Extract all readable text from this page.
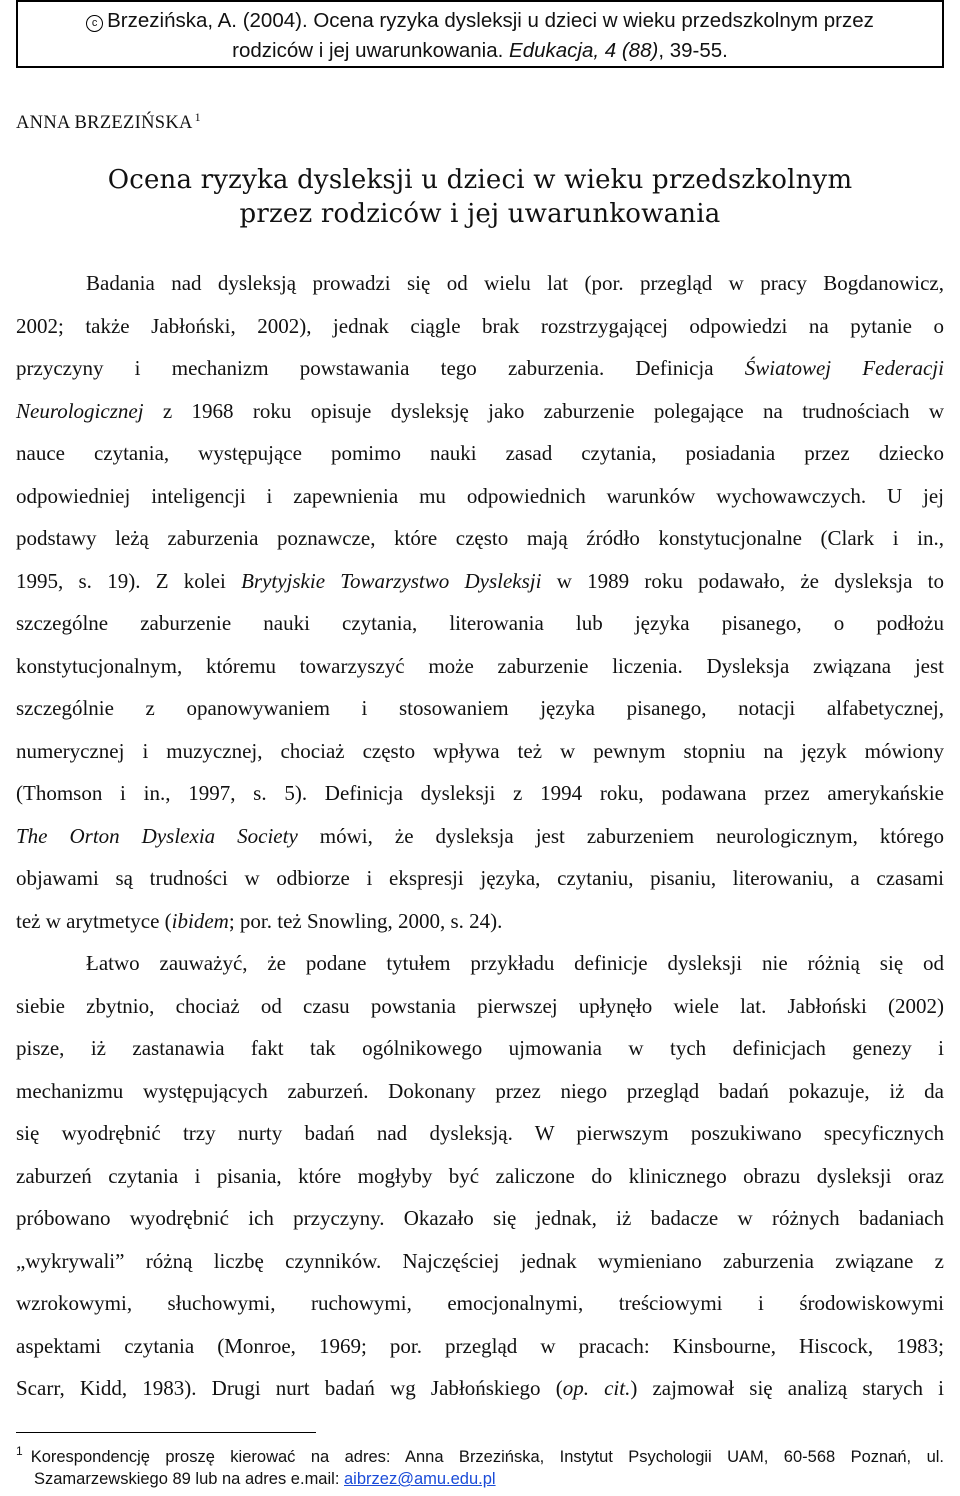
c Brzezińska, A. (2004). Ocena ryzyka dysleksji u dzieci w wieku przedszkolnym przez
rodziców i jej uwarunkowania. Edukacja, 4 (88), 39-55.
ANNA BRZEZIŃSKA $^1$
Ocena ryzyka dysleksji u dzieci w wieku przedszkolnym
przez rodziców i jej uwarunkowania
Badania nad dysleksją prowadzi się od wielu lat (por. przegląd w pracy Bogdanowicz,
2002; także Jabłoński, 2002), jednak ciągle brak rozstrzygającej odpowiedzi na pytanie o
przyczyny i mechanizm powstawania tego zaburzenia. Definicja Światowej Federacji
Neurologicznej z 1968 roku opisuje dysleksję jako zaburzenie polegające na trudnościach w
nauce czytania, występujące pomimo nauki zasad czytania, posiadania przez dziecko
odpowiedniej inteligencji i zapewnienia mu odpowiednich warunków wychowawczych. U jej
podstawy leżą zaburzenia poznawcze, które często mają źródło konstytucjonalne (Clark i in.,
1995, s. 19). Z kolei Brytyjskie Towarzystwo Dysleksji w 1989 roku podawało, że dysleksja to
szczególne zaburzenie nauki czytania, literowania lub języka pisanego, o podłożu
konstytucjonalnym, któremu towarzyszyć może zaburzenie liczenia. Dysleksja związana jest
szczególnie z opanowywaniem i stosowaniem języka pisanego, notacji alfabetycznej,
numerycznej i muzycznej, chociaż często wpływa też w pewnym stopniu na język mówiony
(Thomson i in., 1997, s. 5). Definicja dysleksji z 1994 roku, podawana przez amerykańskie
The Orton Dyslexia Society mówi, że dysleksja jest zaburzeniem neurologicznym, którego
objawami są trudności w odbiorze i ekspresji języka, czytaniu, pisaniu, literowaniu, a czasami
też w arytmetyce (ibidem; por. też Snowling, 2000, s. 24).
Łatwo zauważyć, że podane tytułem przykładu definicje dysleksji nie różnią się od
siebie zbytnio, chociaż od czasu powstania pierwszej upłynęło wiele lat. Jabłoński (2002)
pisze, iż zastanawia fakt tak ogólnikowego ujmowania w tych definicjach genezy i
mechanizmu występujących zaburzeń. Dokonany przez niego przegląd badań pokazuje, iż da
się wyodrębnić trzy nurty badań nad dysleksją. W pierwszym poszukiwano specyficznych
zaburzeń czytania i pisania, które mogłyby być zaliczone do klinicznego obrazu dysleksji oraz
próbowano wyodrębnić ich przyczyny. Okazało się jednak, iż badacze w różnych badaniach
„wykrywali” różną liczbę czynników. Najczęściej jednak wymieniano zaburzenia związane z
wzrokowymi, słuchowymi, ruchowymi, emocjonalnymi, treściowymi i środowiskowymi
aspektami czytania (Monroe, 1969; por. przegląd w pracach: Kinsbourne, Hiscock, 1983;
Scarr, Kidd, 1983). Drugi nurt badań wg Jabłońskiego (op. cit.) zajmował się analizą starych i
$^1$ Korespondencję proszę kierować na adres: Anna Brzezińska, Instytut Psychologii UAM, 60-568 Poznań, ul.
Szamarzewskiego 89 lub na adres e.mail: aibrzez@amu.edu.pl
